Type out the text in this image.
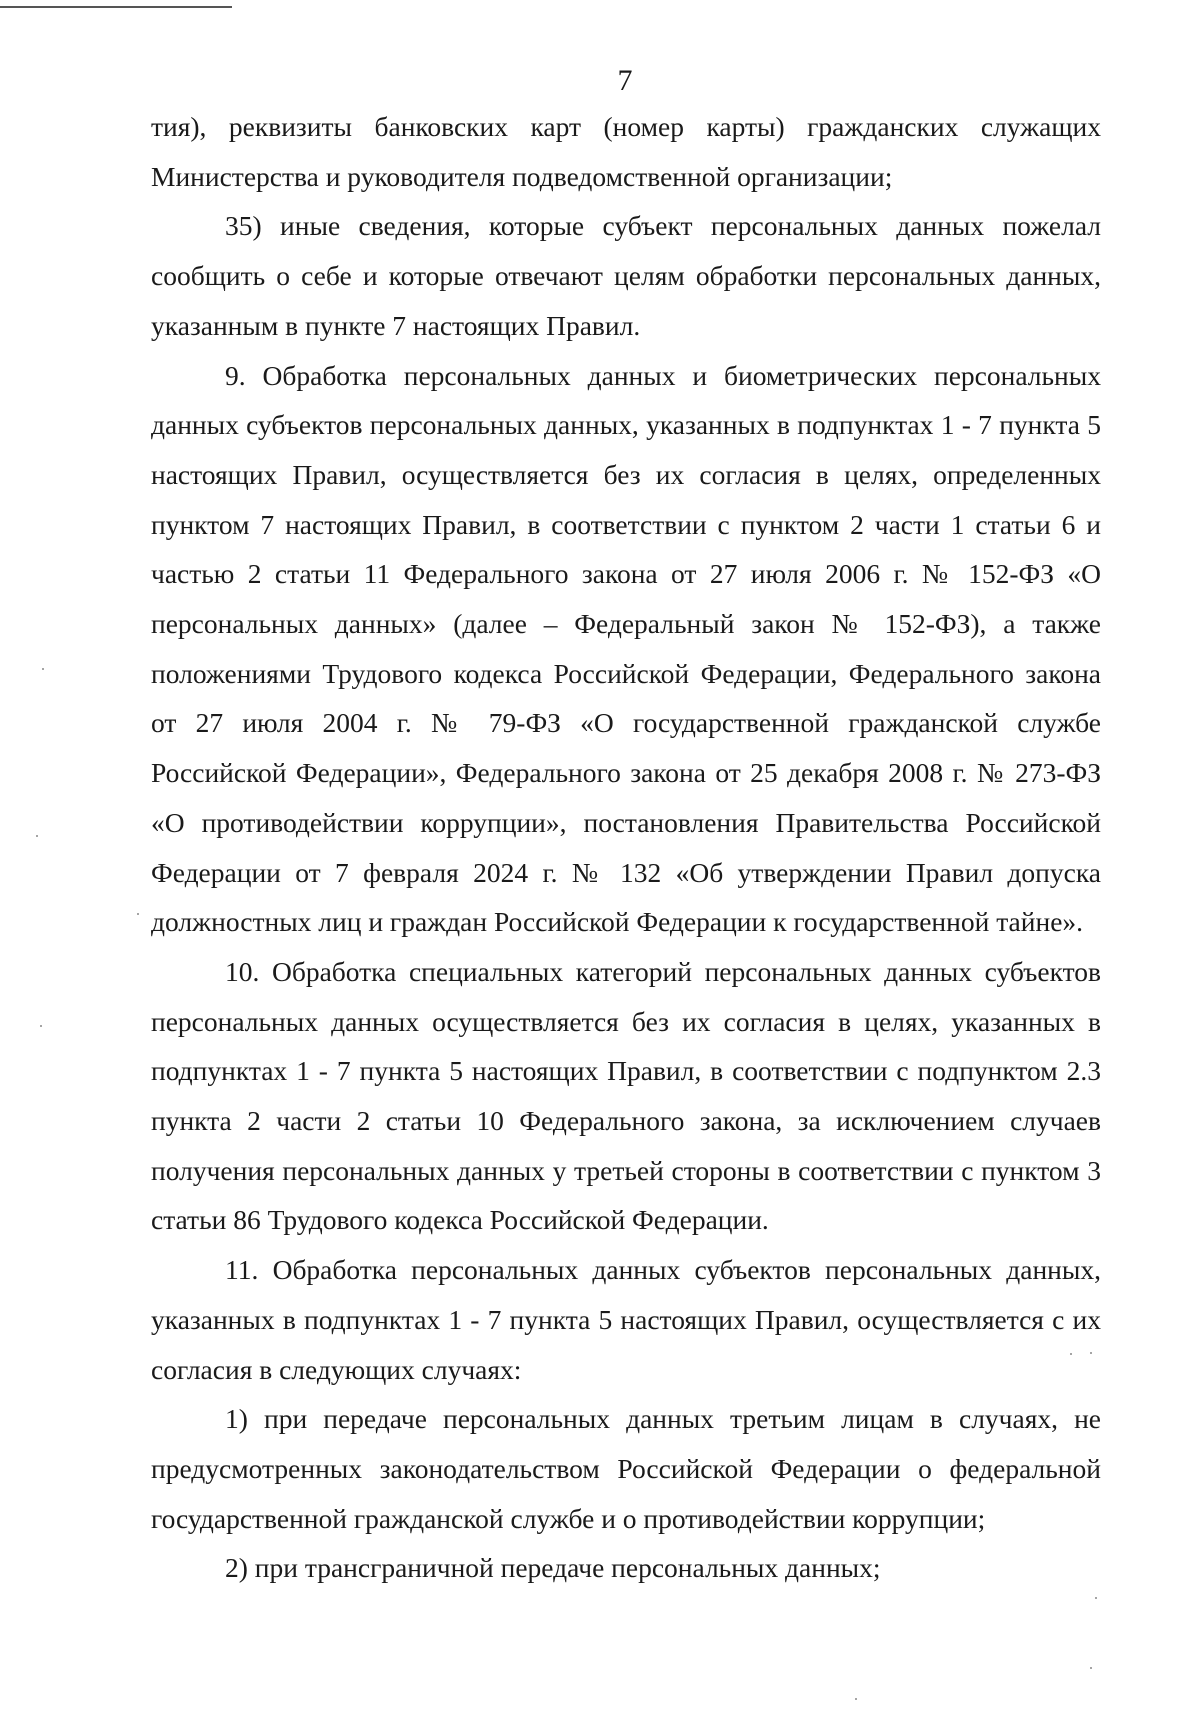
7

тия), реквизиты банковских карт (номер карты) гражданских служащих Министерства и руководителя подведомственной организации;

35) иные сведения, которые субъект персональных данных пожелал сообщить о себе и которые отвечают целям обработки персональных данных, указанным в пункте 7 настоящих Правил.

9. Обработка персональных данных и биометрических персональных данных субъектов персональных данных, указанных в подпунктах 1 - 7 пункта 5 настоящих Правил, осуществляется без их согласия в целях, определенных пунктом 7 настоящих Правил, в соответствии с пунктом 2 части 1 статьи 6 и частью 2 статьи 11 Федерального закона от 27 июля 2006 г. № 152-ФЗ «О персональных данных» (далее – Федеральный закон № 152-ФЗ), а также положениями Трудового кодекса Российской Федерации, Федерального закона от 27 июля 2004 г. № 79-ФЗ «О государственной гражданской службе Российской Федерации», Федерального закона от 25 декабря 2008 г. № 273-ФЗ «О противодействии коррупции», постановления Правительства Российской Федерации от 7 февраля 2024 г. № 132 «Об утверждении Правил допуска должностных лиц и граждан Российской Федерации к государственной тайне».

10. Обработка специальных категорий персональных данных субъектов персональных данных осуществляется без их согласия в целях, указанных в подпунктах 1 - 7 пункта 5 настоящих Правил, в соответствии с подпунктом 2.3 пункта 2 части 2 статьи 10 Федерального закона, за исключением случаев получения персональных данных у третьей стороны в соответствии с пунктом 3 статьи 86 Трудового кодекса Российской Федерации.

11. Обработка персональных данных субъектов персональных данных, указанных в подпунктах 1 - 7 пункта 5 настоящих Правил, осуществляется с их согласия в следующих случаях:

1) при передаче персональных данных третьим лицам в случаях, не предусмотренных законодательством Российской Федерации о федеральной государственной гражданской службе и о противодействии коррупции;

2) при трансграничной передаче персональных данных;
